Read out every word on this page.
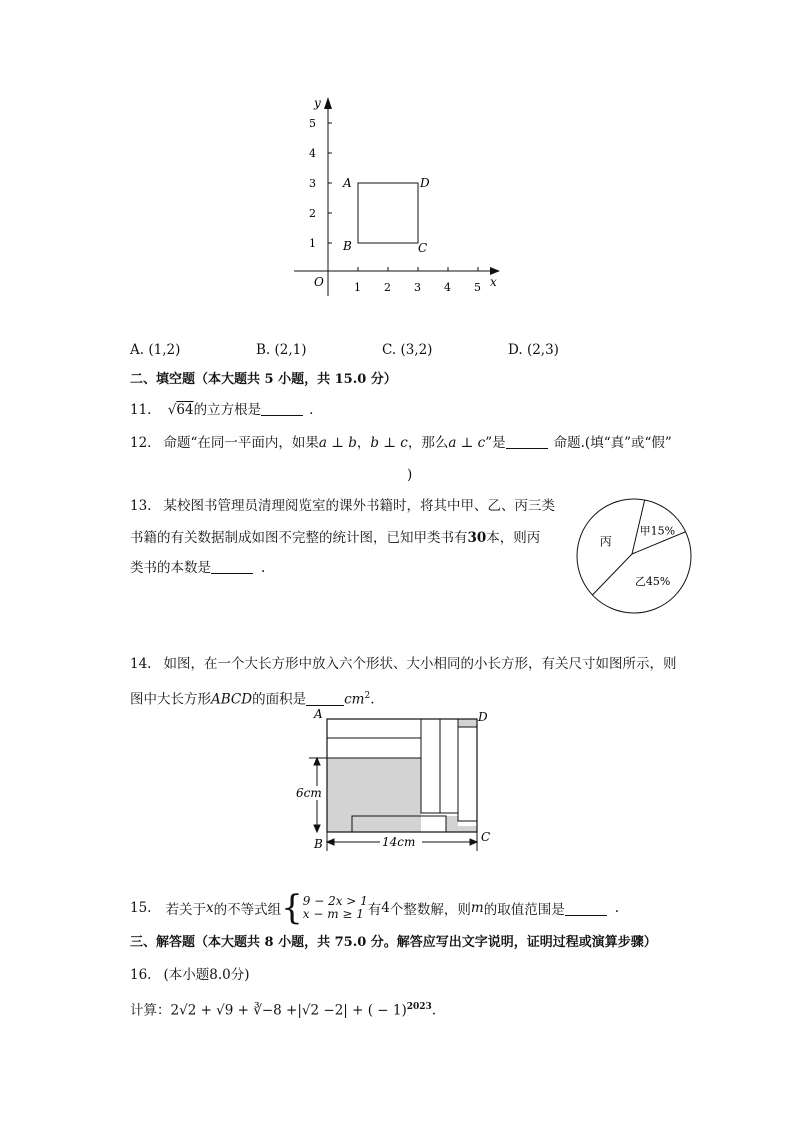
x
y
O	1 2 3 4 5
1
2
3
4
5
A	D
B	C
A. (1,2)	B. (2,1)	C. (3,2)	D. (2,3)
二、填空题（本大题共 5 小题，共 15.0 分）
11. √64的立方根是	.
12. 命题“在同一平面内，如果a ⊥ b，b ⊥ c，那么a ⊥ c”是	命题.(填“真”或“假”
)
13. 某校图书管理员清理阅览室的课外书籍时，将其中甲、乙、丙三类
书籍的有关数据制成如图不完整的统计图，已知甲类书有30本，则丙
类书的本数是	.
丙
甲15%
乙45%
14. 如图，在一个大长方形中放入六个形状、大小相同的小长方形，有关尺寸如图所示，则
图中大长方形ABCD的面积是	$cm^2$.
14cm
6cm
A	D
B	C
15. 若关于 x 的不等式组 { 9 − 2x > 1
x − m ≥ 1 有 4 个整数解，则 m 的取值范围是	.
三、解答题（本大题共 8 小题，共 75.0 分。解答应写出文字说明，证明过程或演算步骤）
16. (本小题8.0分)
计算：2√2 + √9 + ∛−8 +|√2 −2| + ( − 1)$^{2023}$.
